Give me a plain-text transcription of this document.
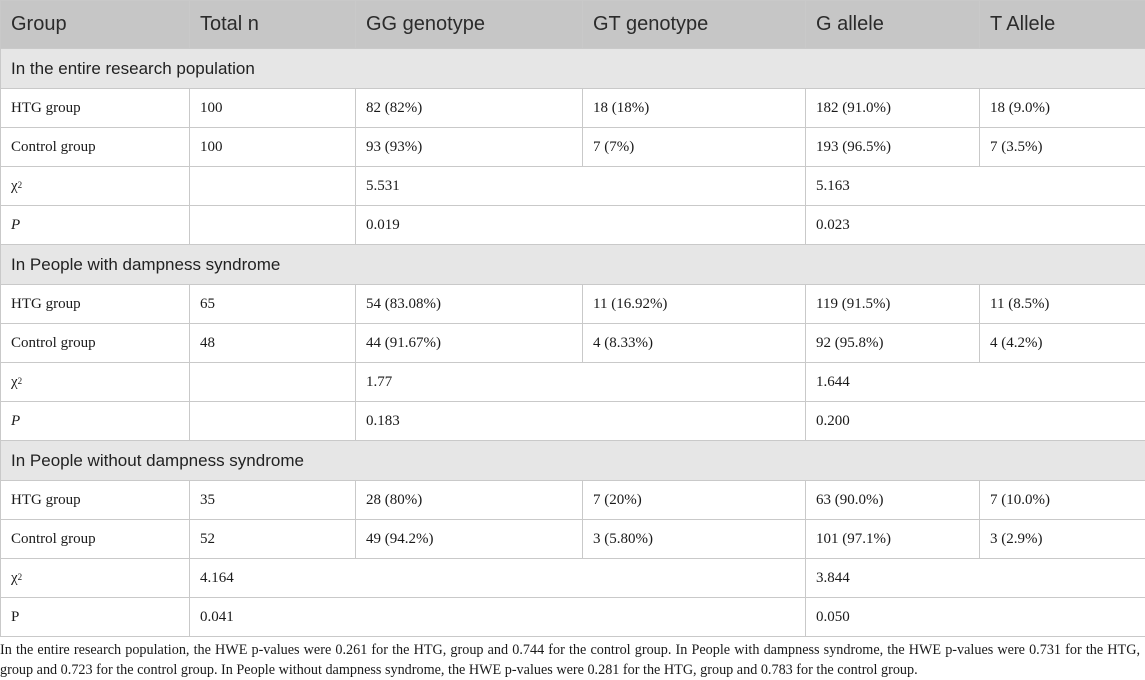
Group	Total n	GG genotype	GT genotype	G allele	T Allele
In the entire research population					
HTG group	100	82 (82%)	18 (18%)	182 (91.0%)	18 (9.0%)
Control group	100	93 (93%)	7 (7%)	193 (96.5%)	7 (3.5%)
$\chi^2$		5.531		5.163	
P		0.019		0.023	
In People with dampness syndrome					
HTG group	65	54 (83.08%)	11 (16.92%)	119 (91.5%)	11 (8.5%)
Control group	48	44 (91.67%)	4 (8.33%)	92 (95.8%)	4 (4.2%)
$\chi^2$		1.77		1.644	
P		0.183		0.200	
In People without dampness syndrome					
HTG group	35	28 (80%)	7 (20%)	63 (90.0%)	7 (10.0%)
Control group	52	49 (94.2%)	3 (5.80%)	101 (97.1%)	3 (2.9%)
$\chi^2$	4.164			3.844	
P	0.041			0.050	
In the entire research population, the HWE p-values were 0.261 for the HTG, group and 0.744 for the control group. In People with dampness syndrome, the HWE p-values were 0.731 for the HTG, group and 0.723 for the control group. In People without dampness syndrome, the HWE p-values were 0.281 for the HTG, group and 0.783 for the control group.
